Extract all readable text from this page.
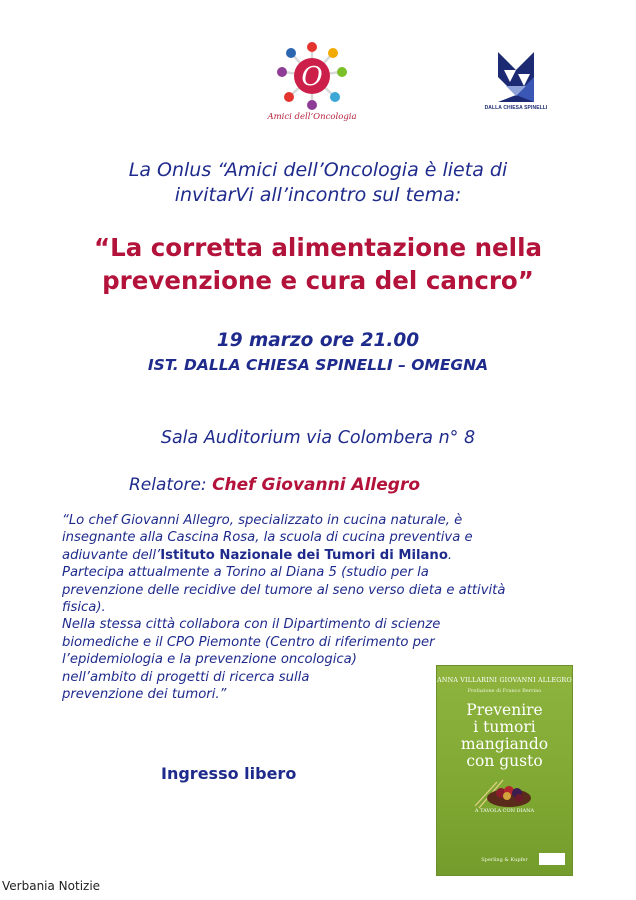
O
Amici dell’Oncologia
DALLA CHIESA SPINELLI
La Onlus “Amici dell’Oncologia è lieta di
invitarVi all’incontro sul tema:
“La corretta alimentazione nella
prevenzione e cura del cancro”
19 marzo ore 21.00
IST. DALLA CHIESA SPINELLI – OMEGNA
Sala Auditorium via Colombera n° 8
Relatore: Chef Giovanni Allegro
“Lo chef Giovanni Allegro, specializzato in cucina naturale, è
insegnante alla Cascina Rosa, la scuola di cucina preventiva e
adiuvante dell’Istituto Nazionale dei Tumori di Milano.
Partecipa attualmente a Torino al Diana 5 (studio per la
prevenzione delle recidive del tumore al seno verso dieta e attività
fisica).
Nella stessa città collabora con il Dipartimento di scienze
biomediche e il CPO Piemonte (Centro di riferimento per
l’epidemiologia e la prevenzione oncologica)
nell’ambito di progetti di ricerca sulla
prevenzione dei tumori.”
Ingresso libero
ANNA VILLARINI GIOVANNI ALLEGRO
Prefazione di Franco Berrino
Prevenire
i tumori
mangiando
con gusto
A TAVOLA CON DIANA
Sperling & Kupfer
Verbania Notizie
